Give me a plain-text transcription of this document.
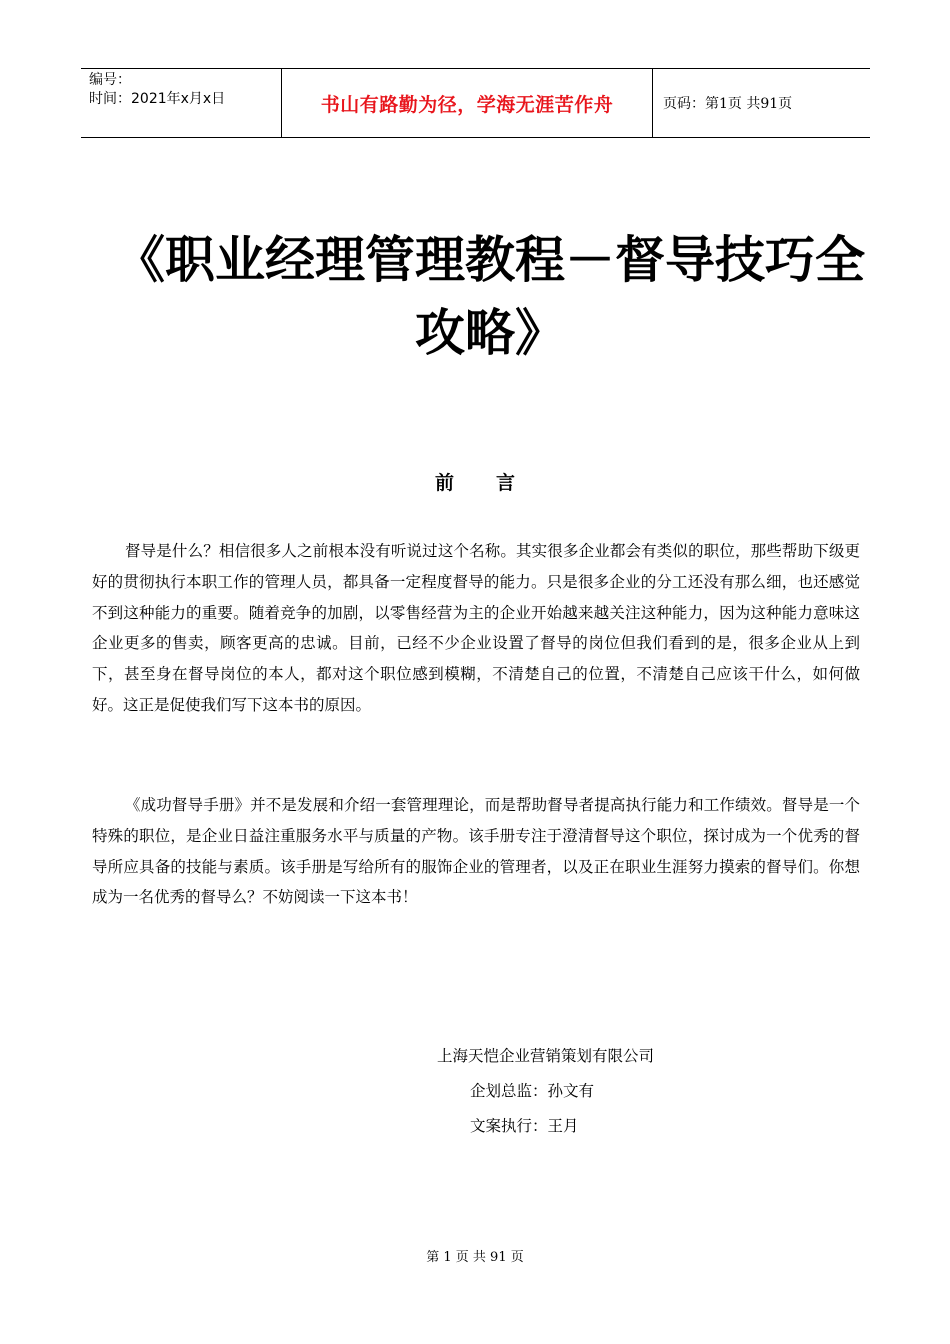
编号：
时间：2021年x月x日	书山有路勤为径，学海无涯苦作舟	页码：第1页 共91页
《职业经理管理教程－督导技巧全攻略》
前言

督导是什么？相信很多人之前根本没有听说过这个名称。其实很多企业都会有类似的职位，那些帮助下级更好的贯彻执行本职工作的管理人员，都具备一定程度督导的能力。只是很多企业的分工还没有那么细，也还感觉不到这种能力的重要。随着竞争的加剧，以零售经营为主的企业开始越来越关注这种能力，因为这种能力意味这企业更多的售卖，顾客更高的忠诚。目前，已经不少企业设置了督导的岗位但我们看到的是，很多企业从上到下，甚至身在督导岗位的本人，都对这个职位感到模糊，不清楚自己的位置，不清楚自己应该干什么，如何做好。这正是促使我们写下这本书的原因。

《成功督导手册》并不是发展和介绍一套管理理论，而是帮助督导者提高执行能力和工作绩效。督导是一个特殊的职位，是企业日益注重服务水平与质量的产物。该手册专注于澄清督导这个职位，探讨成为一个优秀的督导所应具备的技能与素质。该手册是写给所有的服饰企业的管理者，以及正在职业生涯努力摸索的督导们。你想成为一名优秀的督导么？不妨阅读一下这本书！

上海天恺企业营销策划有限公司
企划总监：孙文有
文案执行：王月
第 1 页 共 91 页
